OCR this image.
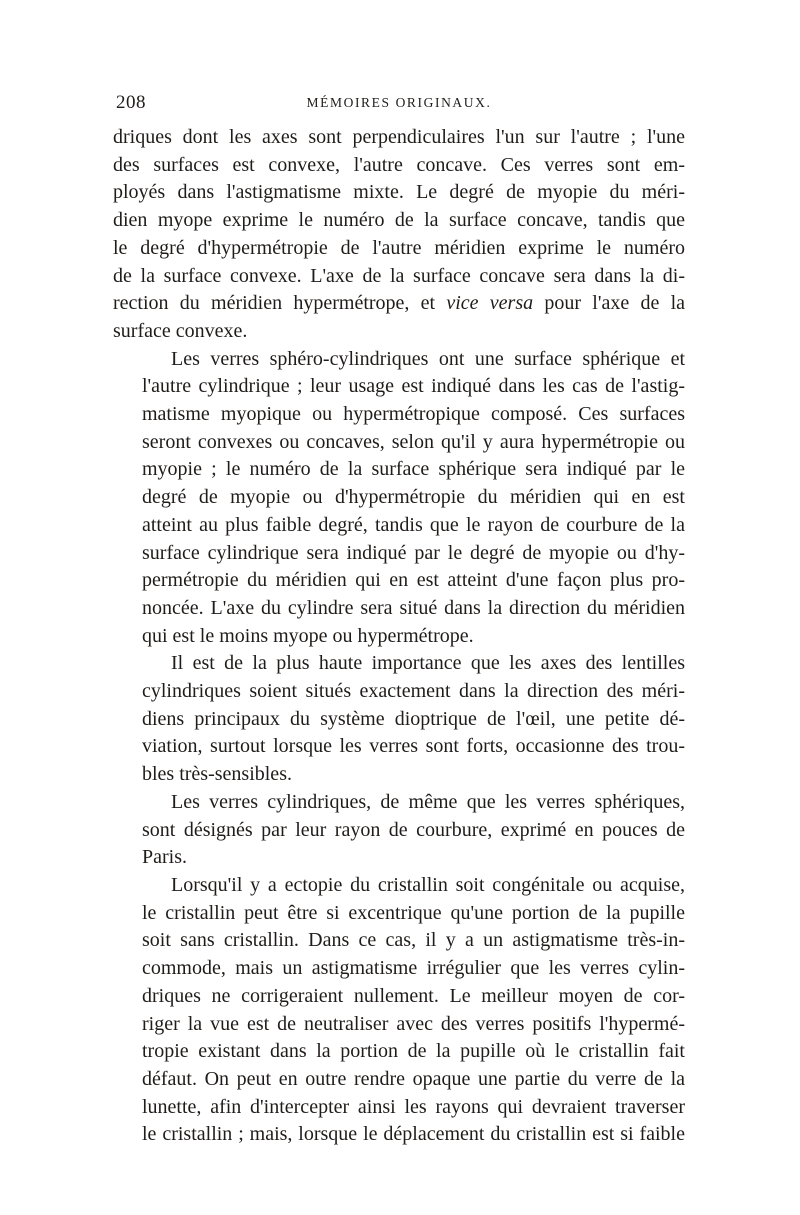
208	MÉMOIRES ORIGINAUX.

driques dont les axes sont perpendiculaires l'un sur l'autre ; l'une
des surfaces est convexe, l'autre concave. Ces verres sont em-
ployés dans l'astigmatisme mixte. Le degré de myopie du méri-
dien myope exprime le numéro de la surface concave, tandis que
le degré d'hypermétropie de l'autre méridien exprime le numéro
de la surface convexe. L'axe de la surface concave sera dans la di-
rection du méridien hypermétrope, et vice versa pour l'axe de la
surface convexe.

Les verres sphéro-cylindriques ont une surface sphérique et
l'autre cylindrique ; leur usage est indiqué dans les cas de l'astig-
matisme myopique ou hypermétropique composé. Ces surfaces
seront convexes ou concaves, selon qu'il y aura hypermétropie ou
myopie ; le numéro de la surface sphérique sera indiqué par le
degré de myopie ou d'hypermétropie du méridien qui en est
atteint au plus faible degré, tandis que le rayon de courbure de la
surface cylindrique sera indiqué par le degré de myopie ou d'hy-
permétropie du méridien qui en est atteint d'une façon plus pro-
noncée. L'axe du cylindre sera situé dans la direction du méridien
qui est le moins myope ou hypermétrope.

Il est de la plus haute importance que les axes des lentilles
cylindriques soient situés exactement dans la direction des méri-
diens principaux du système dioptrique de l'œil, une petite dé-
viation, surtout lorsque les verres sont forts, occasionne des trou-
bles très-sensibles.

Les verres cylindriques, de même que les verres sphériques,
sont désignés par leur rayon de courbure, exprimé en pouces de
Paris.

Lorsqu'il y a ectopie du cristallin soit congénitale ou acquise,
le cristallin peut être si excentrique qu'une portion de la pupille
soit sans cristallin. Dans ce cas, il y a un astigmatisme très-in-
commode, mais un astigmatisme irrégulier que les verres cylin-
driques ne corrigeraient nullement. Le meilleur moyen de cor-
riger la vue est de neutraliser avec des verres positifs l'hypermé-
tropie existant dans la portion de la pupille où le cristallin fait
défaut. On peut en outre rendre opaque une partie du verre de la
lunette, afin d'intercepter ainsi les rayons qui devraient traverser
le cristallin ; mais, lorsque le déplacement du cristallin est si faible
